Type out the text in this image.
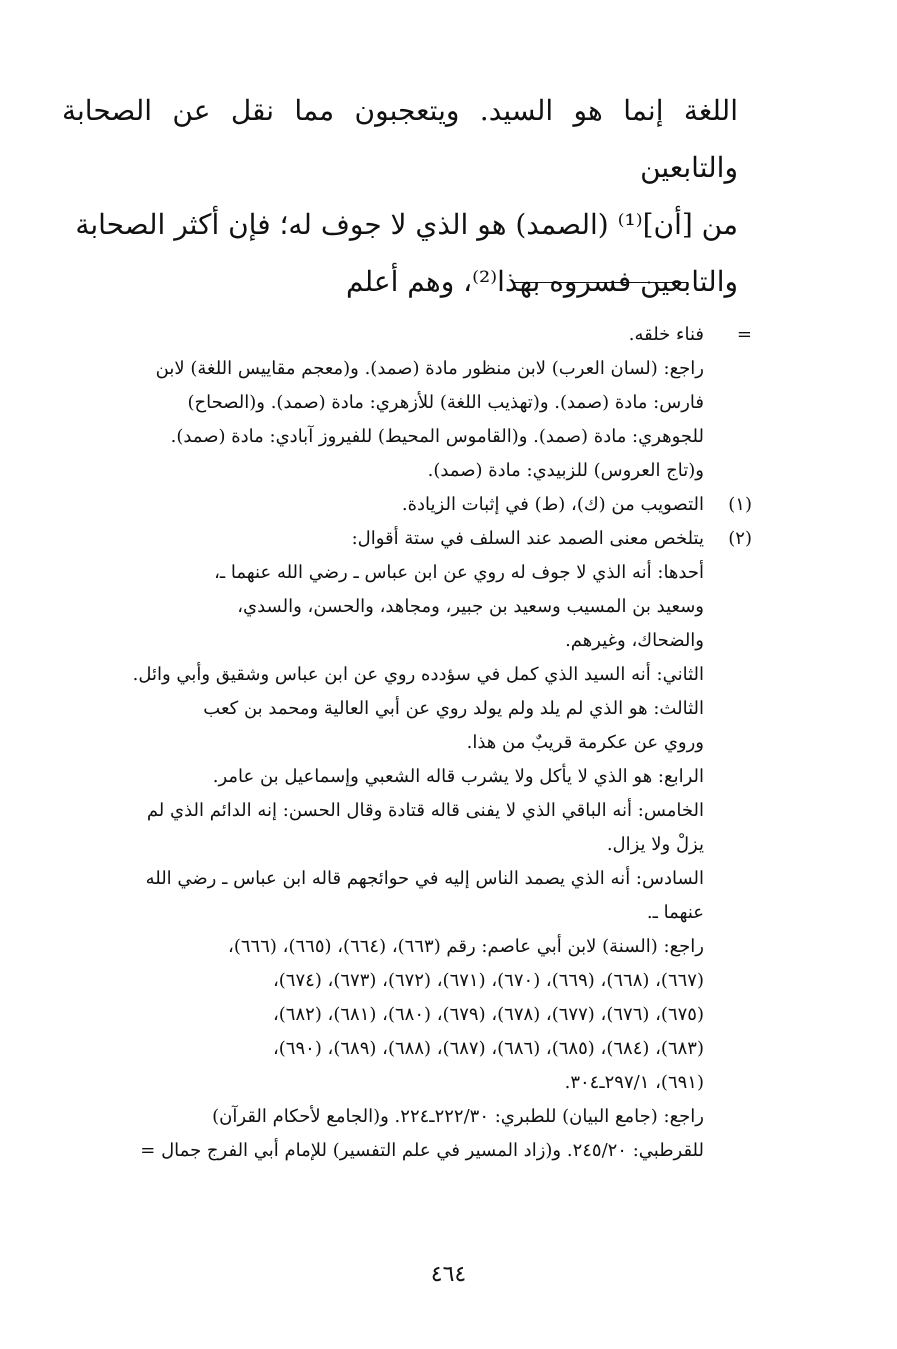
اللغة إنما هو السيد. ويتعجبون مما نقل عن الصحابة والتابعين

من [أن]⁽¹⁾ (الصمد) هو الذي لا جوف له؛ فإن أكثر الصحابة

والتابعين فسروه بهذا⁽²⁾، وهم أعلم

=
فناء خلقه.
راجع: (لسان العرب) لابن منظور مادة (صمد). و(معجم مقاييس اللغة) لابن
فارس: مادة (صمد). و(تهذيب اللغة) للأزهري: مادة (صمد). و(الصحاح)
للجوهري: مادة (صمد). و(القاموس المحيط) للفيروز آبادي: مادة (صمد).
و(تاج العروس) للزبيدي: مادة (صمد).
(١)
التصويب من (ك)، (ط) في إثبات الزيادة.
(٢)
يتلخص معنى الصمد عند السلف في ستة أقوال:
أحدها: أنه الذي لا جوف له روي عن ابن عباس ـ رضي الله عنهما ـ،
وسعيد بن المسيب وسعيد بن جبير، ومجاهد، والحسن، والسدي،
والضحاك، وغيرهم.
الثاني: أنه السيد الذي كمل في سؤدده روي عن ابن عباس وشقيق وأبي وائل.
الثالث: هو الذي لم يلد ولم يولد روي عن أبي العالية ومحمد بن كعب
وروي عن عكرمة قريبٌ من هذا.
الرابع: هو الذي لا يأكل ولا يشرب قاله الشعبي وإسماعيل بن عامر.
الخامس: أنه الباقي الذي لا يفنى قاله قتادة وقال الحسن: إنه الدائم الذي لم
يزلْ ولا يزال.
السادس: أنه الذي يصمد الناس إليه في حوائجهم قاله ابن عباس ـ رضي الله
عنهما ـ.
راجع: (السنة) لابن أبي عاصم: رقم (٦٦٣)، (٦٦٤)، (٦٦٥)، (٦٦٦)،
(٦٦٧)، (٦٦٨)، (٦٦٩)، (٦٧٠)، (٦٧١)، (٦٧٢)، (٦٧٣)، (٦٧٤)،
(٦٧٥)، (٦٧٦)، (٦٧٧)، (٦٧٨)، (٦٧٩)، (٦٨٠)، (٦٨١)، (٦٨٢)،
(٦٨٣)، (٦٨٤)، (٦٨٥)، (٦٨٦)، (٦٨٧)، (٦٨٨)، (٦٨٩)، (٦٩٠)،
(٦٩١)، ٢٩٧/١ـ٣٠٤.
راجع: (جامع البيان) للطبري: ٢٢٢/٣٠ـ٢٢٤. و(الجامع لأحكام القرآن)
للقرطبي: ٢٤٥/٢٠. و(زاد المسير في علم التفسير) للإمام أبي الفرج جمال =
٤٦٤
